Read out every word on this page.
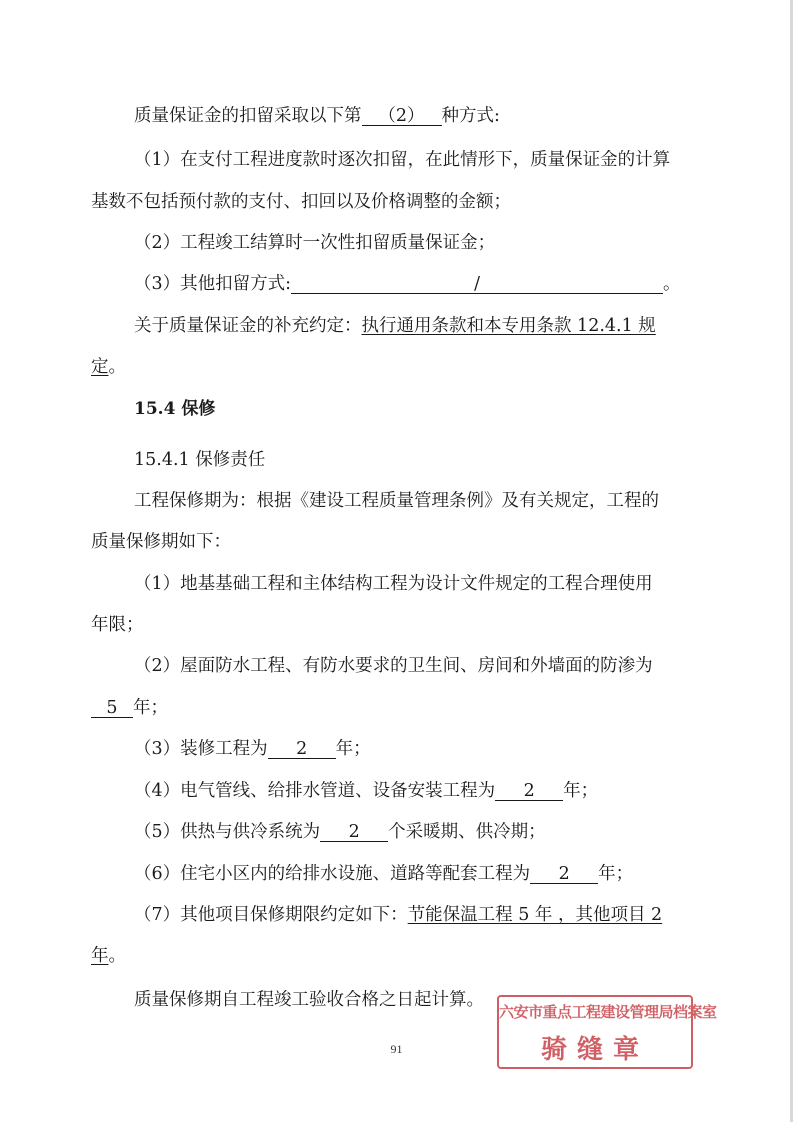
质量保证金的扣留采取以下第 （2） 种方式:
（1）在支付工程进度款时逐次扣留，在此情形下，质量保证金的计算
基数不包括预付款的支付、扣回以及价格调整的金额；
（2）工程竣工结算时一次性扣留质量保证金；
（3）其他扣留方式:	/	。
关于质量保证金的补充约定：执行通用条款和本专用条款 12.4.1 规
定。
15.4 保修
15.4.1 保修责任
工程保修期为：根据《建设工程质量管理条例》及有关规定，工程的
质量保修期如下：
（1）地基基础工程和主体结构工程为设计文件规定的工程合理使用
年限；
（2）屋面防水工程、有防水要求的卫生间、房间和外墙面的防渗为
5 年；
（3）装修工程为 2 年；
（4）电气管线、给排水管道、设备安装工程为 2 年；
（5）供热与供冷系统为 2 个采暖期、供冷期；
（6）住宅小区内的给排水设施、道路等配套工程为 2 年；
（7）其他项目保修期限约定如下：节能保温工程 5 年 ，其他项目 2
年。
质量保修期自工程竣工验收合格之日起计算。
91
六安市重点工程建设管理局档案室
骑缝章
